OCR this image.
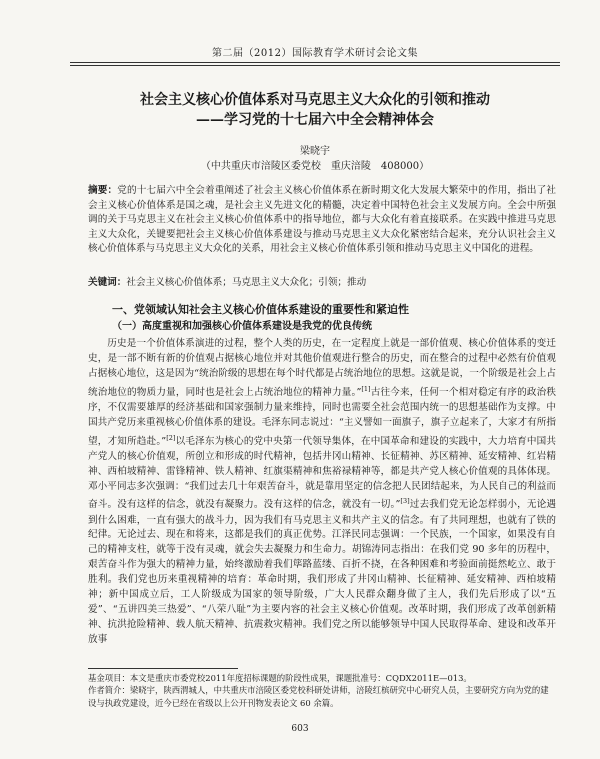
第二届（2012）国际教育学术研讨会论文集
社会主义核心价值体系对马克思主义大众化的引领和推动
——学习党的十七届六中全会精神体会
梁晓宇
（中共重庆市涪陵区委党校　重庆涪陵　408000）

摘要：党的十七届六中全会着重阐述了社会主义核心价值体系在新时期文化大发展大繁荣中的作用，指出了社会主义核心价值体系是国之魂，是社会主义先进文化的精髓，决定着中国特色社会主义发展方向。全会中所强调的关于马克思主义在社会主义核心价值体系中的指导地位，都与大众化有着直接联系。在实践中推进马克思主义大众化，关键要把社会主义核心价值体系建设与推动马克思主义大众化紧密结合起来，充分认识社会主义核心价值体系与马克思主义大众化的关系，用社会主义核心价值体系引领和推动马克思主义中国化的进程。

关键词：社会主义核心价值体系；马克思主义大众化；引领；推动

一、党领域认知社会主义核心价值体系建设的重要性和紧迫性
（一）高度重视和加强核心价值体系建设是我党的优良传统

历史是一个价值体系演进的过程，整个人类的历史，在一定程度上就是一部价值观、核心价值体系的变迁史，是一部不断有新的价值观占据核心地位并对其他价值观进行整合的历史，而在整合的过程中必然有价值观占据核心地位，这是因为“统治阶级的思想在每个时代都是占统治地位的思想。这就是说，一个阶级是社会上占统治地位的物质力量，同时也是社会上占统治地位的精神力量。”[1]古往今来，任何一个相对稳定有序的政治秩序，不仅需要雄厚的经济基础和国家强制力量来维持，同时也需要全社会范围内统一的思想基础作为支撑。中国共产党历来重视核心价值体系的建设。毛泽东同志说过：“主义譬如一面旗子，旗子立起来了，大家才有所指望，才知所趋赴。”[2]以毛泽东为核心的党中央第一代领导集体，在中国革命和建设的实践中，大力培育中国共产党人的核心价值观，所创立和形成的时代精神，包括井冈山精神、长征精神、苏区精神、延安精神、红岩精神、西柏坡精神、雷锋精神、铁人精神、红旗渠精神和焦裕禄精神等，都是共产党人核心价值观的具体体现。邓小平同志多次强调：“我们过去几十年艰苦奋斗，就是靠用坚定的信念把人民团结起来，为人民自己的利益而奋斗。没有这样的信念，就没有凝聚力。没有这样的信念，就没有一切。”[3]过去我们党无论怎样弱小，无论遇到什么困难，一直有强大的战斗力，因为我们有马克思主义和共产主义的信念。有了共同理想，也就有了铁的纪律。无论过去、现在和将来，这都是我们的真正优势。江泽民同志强调：一个民族，一个国家，如果没有自己的精神支柱，就等于没有灵魂，就会失去凝聚力和生命力。胡锦涛同志指出：在我们党 90 多年的历程中，艰苦奋斗作为强大的精神力量，始终激励着我们筚路蓝缕、百折不挠，在各种困难和考验面前挺然屹立、敢于胜利。我们党也历来重视精神的培育：革命时期，我们形成了井冈山精神、长征精神、延安精神、西柏坡精神；新中国成立后，工人阶级成为国家的领导阶级，广大人民群众翻身做了主人，我们先后形成了以“五爱”、“五讲四美三热爱”、“八荣八耻”为主要内容的社会主义核心价值观。改革时期，我们形成了改革创新精神、抗洪抢险精神、载人航天精神、抗震救灾精神。我们党之所以能够领导中国人民取得革命、建设和改革开放事

基金项目：本文是重庆市委党校2011年度招标课题的阶段性成果，课题批准号：CQDX2011E—013。

作者简介：梁晓宇，陕西渭城人，中共重庆市涪陵区委党校科研处讲师，涪陵红槟研究中心研究人员，主要研究方向为党的建设与执政党建设，近今已经在省级以上公开刊物发表论文 60 余篇。

603
